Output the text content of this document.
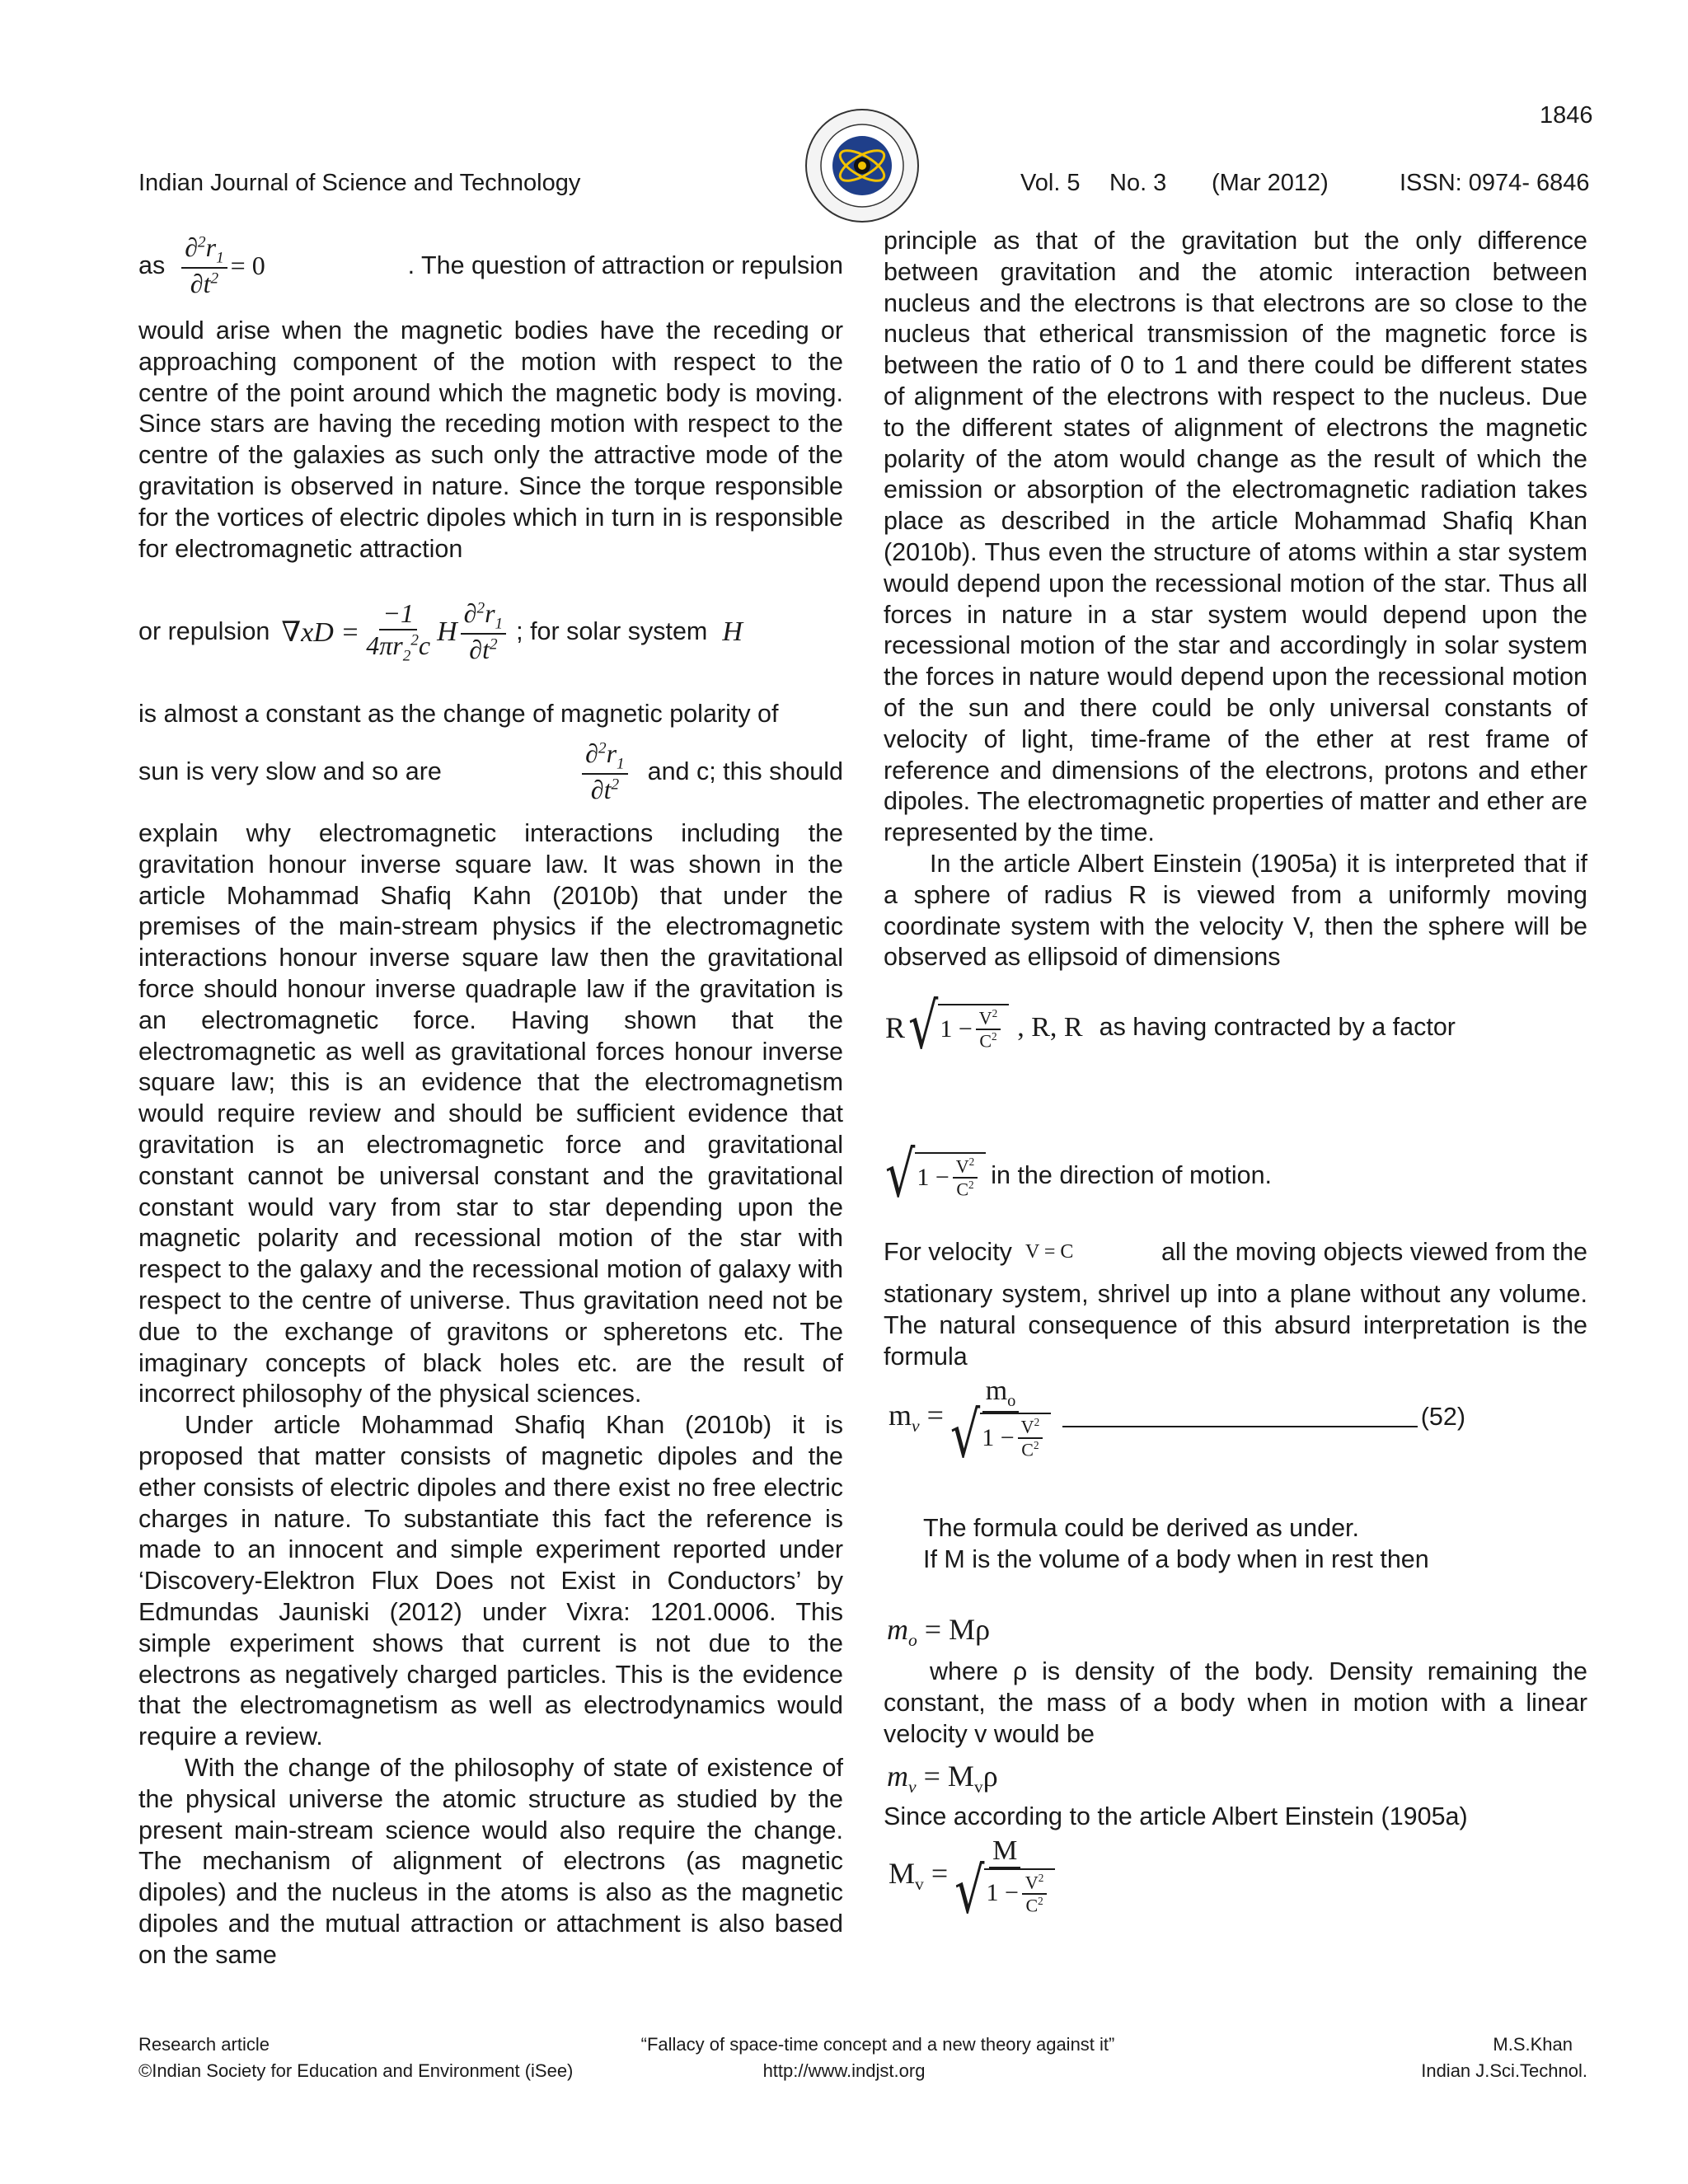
1846
Indian Journal of Science and Technology	Vol. 5 No. 3 (Mar 2012)	ISSN: 0974- 6846
as $\frac{\partial^2r_1}{\partial t^2} = 0$	. The question of attraction or repulsion

would arise when the magnetic bodies have the receding or approaching component of the motion with respect to the centre of the point around which the magnetic body is moving. Since stars are having the receding motion with respect to the centre of the galaxies as such only the attractive mode of the gravitation is observed in nature. Since the torque responsible for the vortices of electric dipoles which in turn in is responsible for electromagnetic attraction

or repulsion $\nabla xD = \frac{-1}{4\pi r_2^2c}$ H $\frac{\partial^2r_1}{\partial t^2}$ ; for solar system H

is almost a constant as the change of magnetic polarity of

sun is very slow and so are	$\frac{\partial^2r_1}{\partial t^2}$ and c; this should

explain why electromagnetic interactions including the gravitation honour inverse square law. It was shown in the article Mohammad Shafiq Kahn (2010b) that under the premises of the main-stream physics if the electromagnetic interactions honour inverse square law then the gravitational force should honour inverse quadraple law if the gravitation is an electromagnetic force. Having shown that the electromagnetic as well as gravitational forces honour inverse square law; this is an evidence that the electromagnetism would require review and should be sufficient evidence that gravitation is an electromagnetic force and gravitational constant cannot be universal constant and the gravitational constant would vary from star to star depending upon the magnetic polarity and recessional motion of the star with respect to the galaxy and the recessional motion of galaxy with respect to the centre of universe. Thus gravitation need not be due to the exchange of gravitons or spheretons etc. The imaginary concepts of black holes etc. are the result of incorrect philosophy of the physical sciences.

Under article Mohammad Shafiq Khan (2010b) it is proposed that matter consists of magnetic dipoles and the ether consists of electric dipoles and there exist no free electric charges in nature. To substantiate this fact the reference is made to an innocent and simple experiment reported under ‘Discovery-Elektron Flux Does not Exist in Conductors’ by Edmundas Jauniski (2012) under Vixra: 1201.0006. This simple experiment shows that current is not due to the electrons as negatively charged particles. This is the evidence that the electromagnetism as well as electrodynamics would require a review.

With the change of the philosophy of state of existence of the physical universe the atomic structure as studied by the present main-stream science would also require the change. The mechanism of alignment of electrons (as magnetic dipoles) and the nucleus in the atoms is also as the magnetic dipoles and the mutual attraction or attachment is also based on the same

principle as that of the gravitation but the only difference between gravitation and the atomic interaction between nucleus and the electrons is that electrons are so close to the nucleus that etherical transmission of the magnetic force is between the ratio of 0 to 1 and there could be different states of alignment of the electrons with respect to the nucleus. Due to the different states of alignment of electrons the magnetic polarity of the atom would change as the result of which the emission or absorption of the electromagnetic radiation takes place as described in the article Mohammad Shafiq Khan (2010b). Thus even the structure of atoms within a star system would depend upon the recessional motion of the star. Thus all forces in nature in a star system would depend upon the recessional motion of the star and accordingly in solar system the forces in nature would depend upon the recessional motion of the sun and there could be only universal constants of velocity of light, time-frame of the ether at rest frame of reference and dimensions of the electrons, protons and ether dipoles. The electromagnetic properties of matter and ether are represented by the time.

In the article Albert Einstein (1905a) it is interpreted that if a sphere of radius R is viewed from a uniformly moving coordinate system with the velocity V, then the sphere will be observed as ellipsoid of dimensions

R √ $1 - \frac{V^2}{C^2}$ , R, R as having contracted by a factor
√ $1 - \frac{V^2}{C^2}$ in the direction of motion.
For velocity V = C	all the moving objects viewed from the

stationary system, shrivel up into a plane without any volume. The natural consequence of this absurd interpretation is the formula

$m_v = \frac{m_o}{√ 1 - \frac{V^2}{C^2}}$	(52)

The formula could be derived as under.

If M is the volume of a body when in rest then

$m_o = M\rho$

where ρ is density of the body. Density remaining the constant, the mass of a body when in motion with a linear velocity v would be

$m_v = M_v\rho$

Since according to the article Albert Einstein (1905a)

$M_v = \frac{M}{√ 1 - \frac{V^2}{C^2}}$
Research article
©Indian Society for Education and Environment (iSee)
“Fallacy of space-time concept and a new theory against it”
http://www.indjst.org
M.S.Khan
Indian J.Sci.Technol.
